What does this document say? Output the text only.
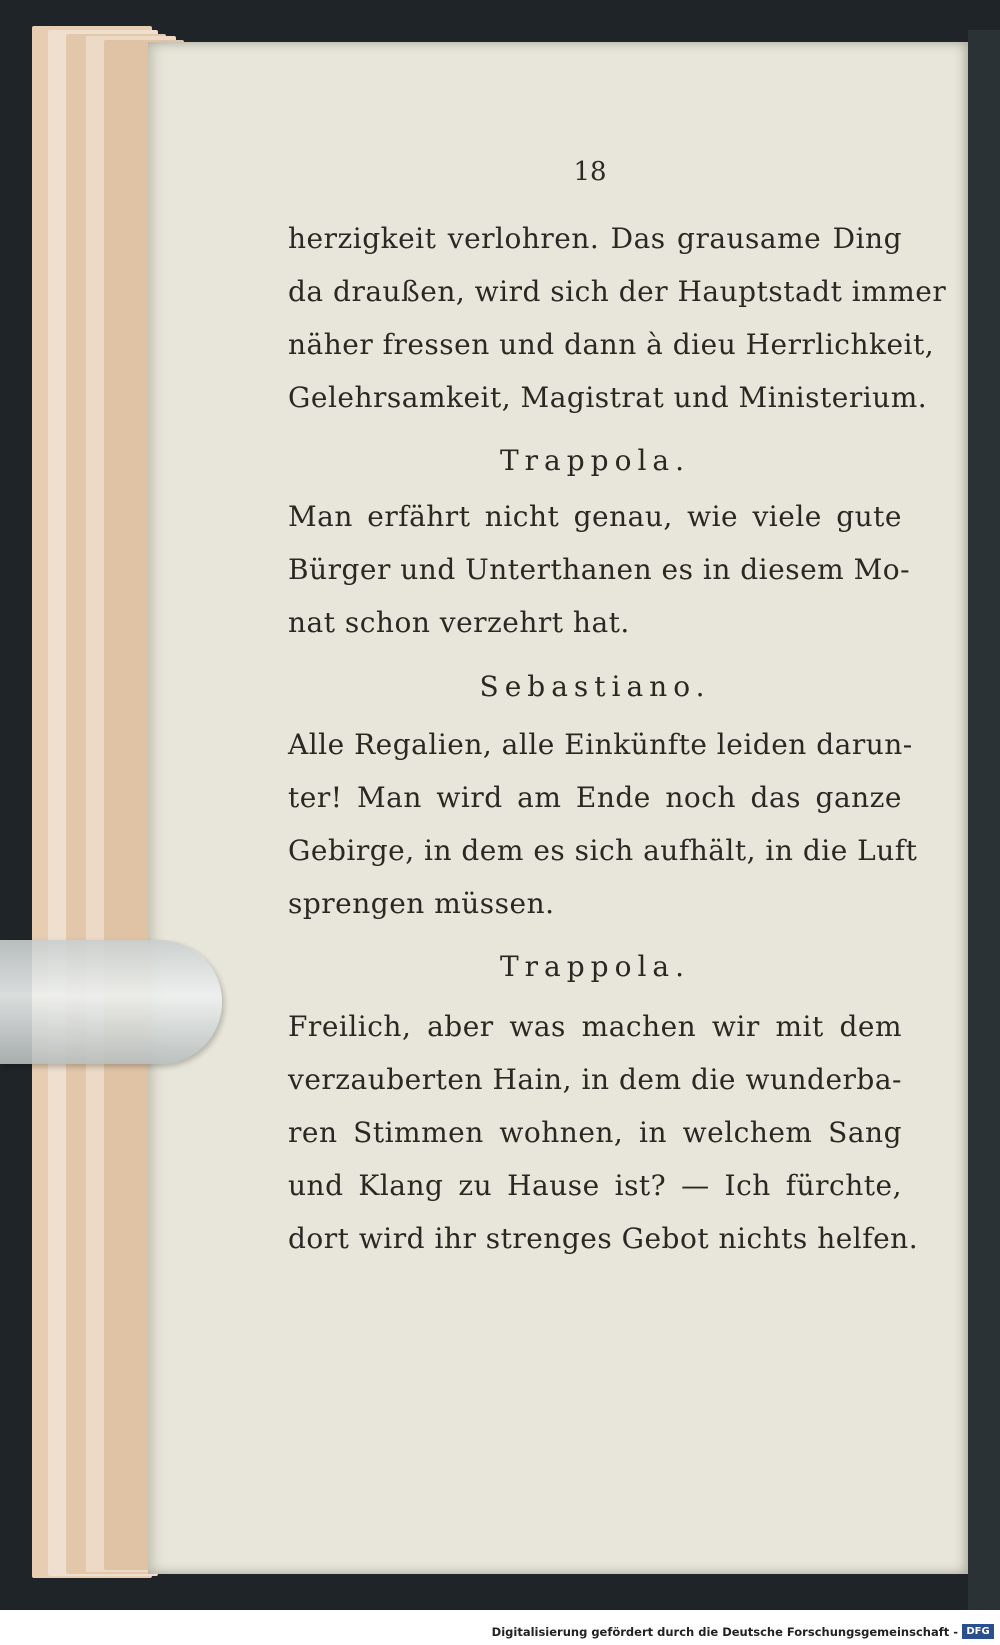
18
herzigkeit verlohren. Das grausame Ding
da draußen, wird sich der Hauptstadt immer
näher fressen und dann à dieu Herrlichkeit,
Gelehrsamkeit, Magistrat und Ministerium.
Trappola.
Man erfährt nicht genau, wie viele gute
Bürger und Unterthanen es in diesem Mo-
nat schon verzehrt hat.
Sebastiano.
Alle Regalien, alle Einkünfte leiden darun-
ter! Man wird am Ende noch das ganze
Gebirge, in dem es sich aufhält, in die Luft
sprengen müssen.
Trappola.
Freilich, aber was machen wir mit dem
verzauberten Hain, in dem die wunderba-
ren Stimmen wohnen, in welchem Sang
und Klang zu Hause ist? — Ich fürchte,
dort wird ihr strenges Gebot nichts helfen.
Digitalisierung gefördert durch die Deutsche Forschungsgemeinschaft - DFG
